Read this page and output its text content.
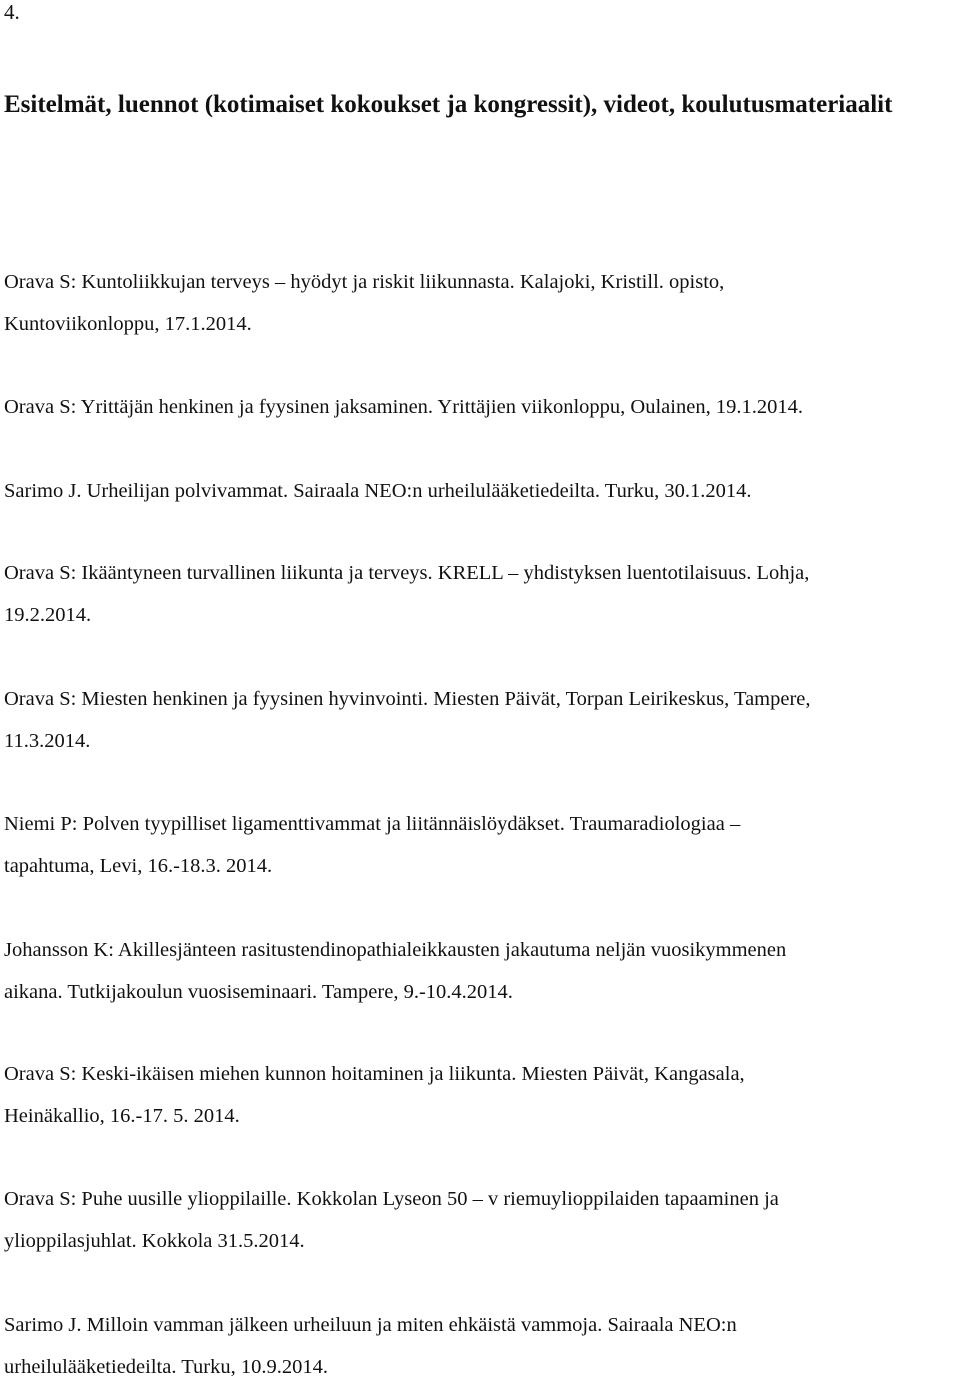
4.
Esitelmät, luennot (kotimaiset kokoukset ja kongressit), videot, koulutusmateriaalit

Orava S: Kuntoliikkujan terveys – hyödyt ja riskit liikunnasta. Kalajoki, Kristill. opisto,
Kuntoviikonloppu, 17.1.2014.

Orava S: Yrittäjän henkinen ja fyysinen jaksaminen. Yrittäjien viikonloppu, Oulainen, 19.1.2014.

Sarimo J. Urheilijan polvivammat. Sairaala NEO:n urheilulääketiedeilta. Turku, 30.1.2014.

Orava S: Ikääntyneen turvallinen liikunta ja terveys. KRELL – yhdistyksen luentotilaisuus. Lohja,
19.2.2014.

Orava S: Miesten henkinen ja fyysinen hyvinvointi. Miesten Päivät, Torpan Leirikeskus, Tampere,
11.3.2014.

Niemi P: Polven tyypilliset ligamenttivammat ja liitännäislöydäkset. Traumaradiologiaa –
tapahtuma, Levi, 16.-18.3. 2014.

Johansson K: Akillesjänteen rasitustendinopathialeikkausten jakautuma neljän vuosikymmenen
aikana. Tutkijakoulun vuosiseminaari. Tampere, 9.-10.4.2014.

Orava S: Keski-ikäisen miehen kunnon hoitaminen ja liikunta. Miesten Päivät, Kangasala,
Heinäkallio, 16.-17. 5. 2014.

Orava S: Puhe uusille ylioppilaille. Kokkolan Lyseon 50 – v riemuylioppilaiden tapaaminen ja
ylioppilasjuhlat. Kokkola 31.5.2014.

Sarimo J. Milloin vamman jälkeen urheiluun ja miten ehkäistä vammoja. Sairaala NEO:n
urheilulääketiedeilta. Turku, 10.9.2014.
